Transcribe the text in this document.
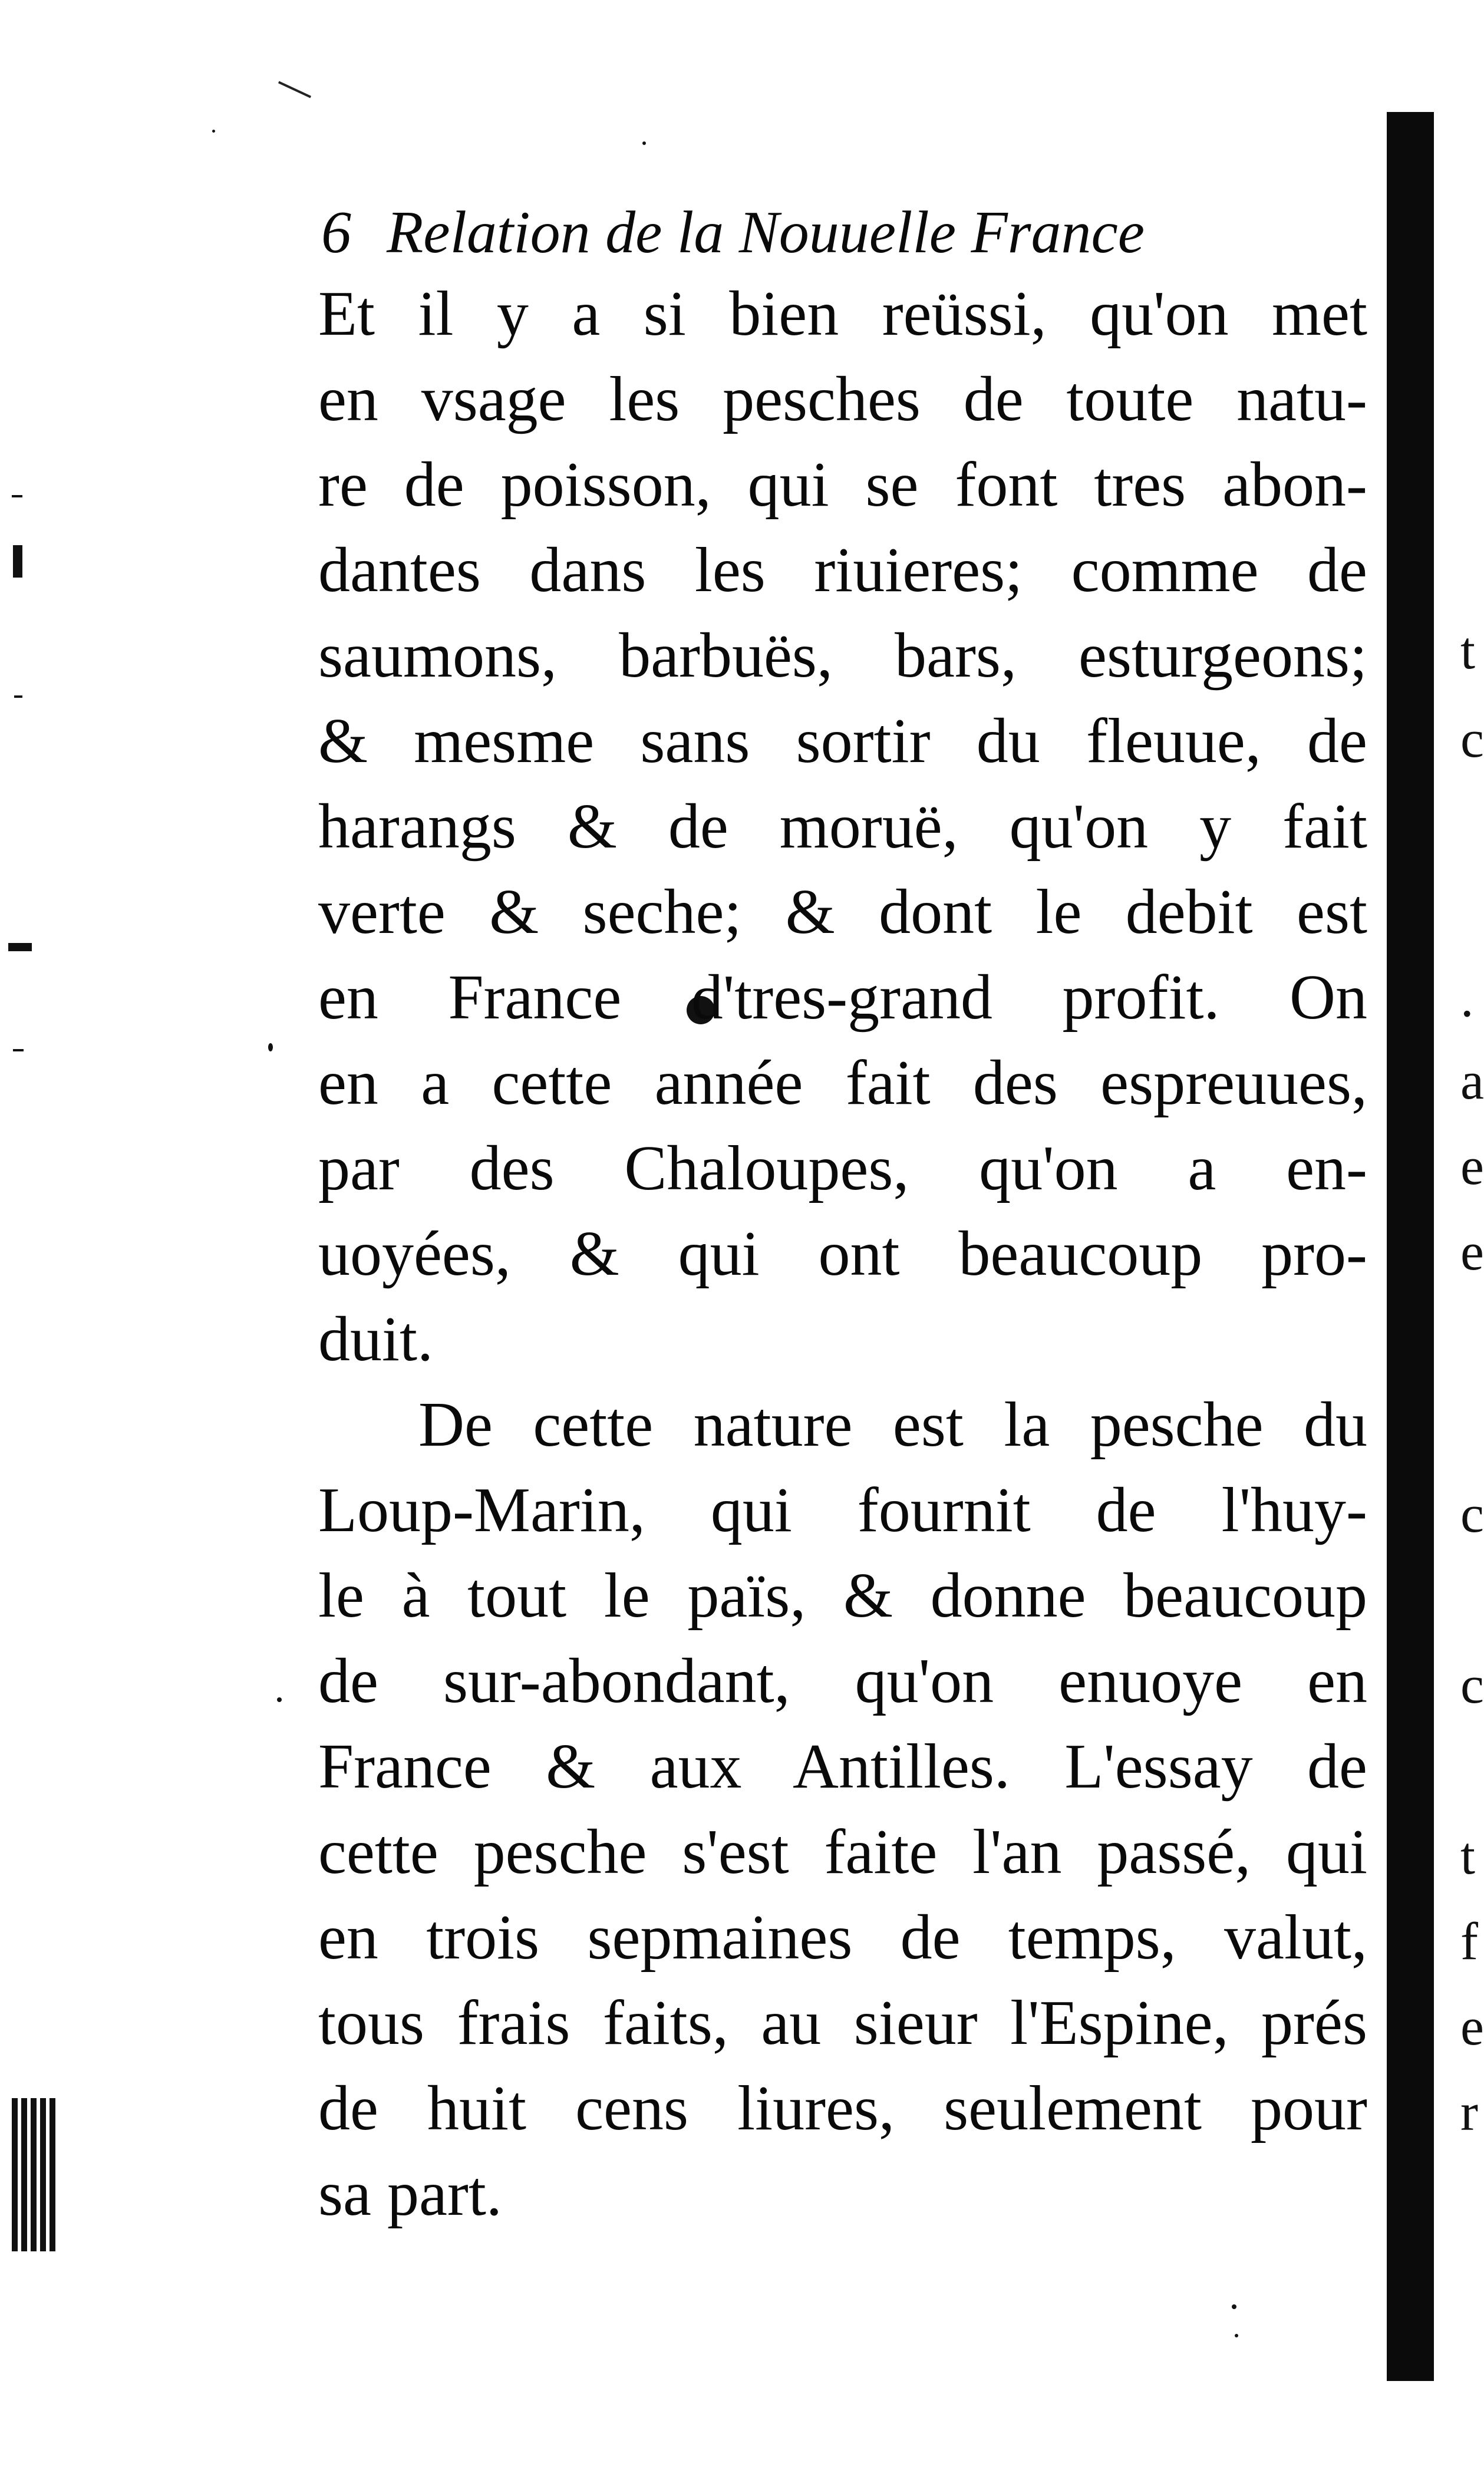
t
c
.
a
e
e
c
c
t
f
e
r
6 Relation de la Nouuelle France
Et il y a si bien reüssi, qu'on met
en vsage les pesches de toute natu-
re de poisson, qui se font tres abon-
dantes dans les riuieres; comme de
saumons, barbuës, bars, esturgeons;
& mesme sans sortir du fleuue, de
harangs & de moruë, qu'on y fait
verte & seche; & dont le debit est
en France d'tres-grand profit. On
en a cette année fait des espreuues,
par des Chaloupes, qu'on a en-
uoyées, & qui ont beaucoup pro-
duit.
De cette nature est la pesche du
Loup-Marin, qui fournit de l'huy-
le à tout le païs, & donne beaucoup
de sur-abondant, qu'on enuoye en
France & aux Antilles. L'essay de
cette pesche s'est faite l'an passé, qui
en trois sepmaines de temps, valut,
tous frais faits, au sieur l'Espine, prés
de huit cens liures, seulement pour
sa part.
